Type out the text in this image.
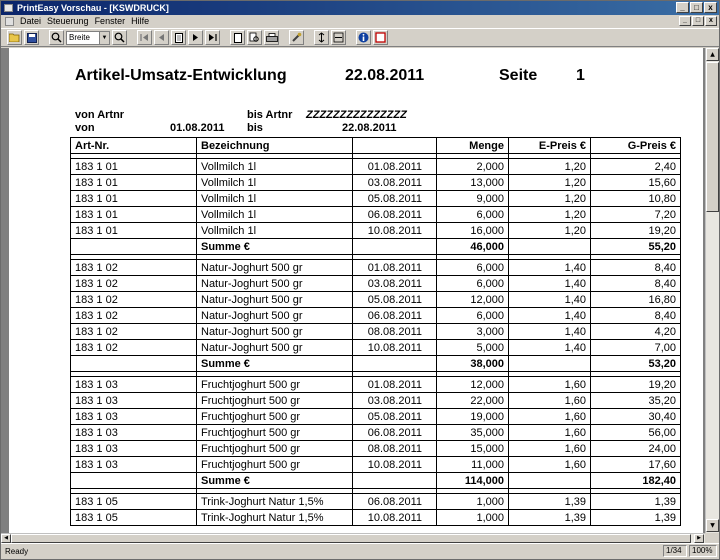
PrintEasy Vorschau - [KSWDRUCK]	_	□	x
Datei Steuerung Fenster Hilfe	_	□	x
Breite	▼
Artikel-Umsatz-Entwicklung	22.08.2011	Seite 1
von Artnr	bis Artnr ZZZZZZZZZZZZZZZ
von	01.08.2011 bis	22.08.2011
Art-Nr.	Bezeichnung		Menge	E-Preis €	G-Preis €

183 1 01	Vollmilch 1l	01.08.2011	2,000	1,20	2,40
183 1 01	Vollmilch 1l	03.08.2011	13,000	1,20	15,60
183 1 01	Vollmilch 1l	05.08.2011	9,000	1,20	10,80
183 1 01	Vollmilch 1l	06.08.2011	6,000	1,20	7,20
183 1 01	Vollmilch 1l	10.08.2011	16,000	1,20	19,20
	Summe €		46,000		55,20

183 1 02	Natur-Joghurt 500 gr	01.08.2011	6,000	1,40	8,40
183 1 02	Natur-Joghurt 500 gr	03.08.2011	6,000	1,40	8,40
183 1 02	Natur-Joghurt 500 gr	05.08.2011	12,000	1,40	16,80
183 1 02	Natur-Joghurt 500 gr	06.08.2011	6,000	1,40	8,40
183 1 02	Natur-Joghurt 500 gr	08.08.2011	3,000	1,40	4,20
183 1 02	Natur-Joghurt 500 gr	10.08.2011	5,000	1,40	7,00
	Summe €		38,000		53,20

183 1 03	Fruchtjoghurt 500 gr	01.08.2011	12,000	1,60	19,20
183 1 03	Fruchtjoghurt 500 gr	03.08.2011	22,000	1,60	35,20
183 1 03	Fruchtjoghurt 500 gr	05.08.2011	19,000	1,60	30,40
183 1 03	Fruchtjoghurt 500 gr	06.08.2011	35,000	1,60	56,00
183 1 03	Fruchtjoghurt 500 gr	08.08.2011	15,000	1,60	24,00
183 1 03	Fruchtjoghurt 500 gr	10.08.2011	11,000	1,60	17,60
	Summe €		114,000		182,40

183 1 05	Trink-Joghurt Natur 1,5%	06.08.2011	1,000	1,39	1,39
183 1 05	Trink-Joghurt Natur 1,5%	10.08.2011	1,000	1,39	1,39
▲
▼
◀	▶
Ready	1/34	100%
